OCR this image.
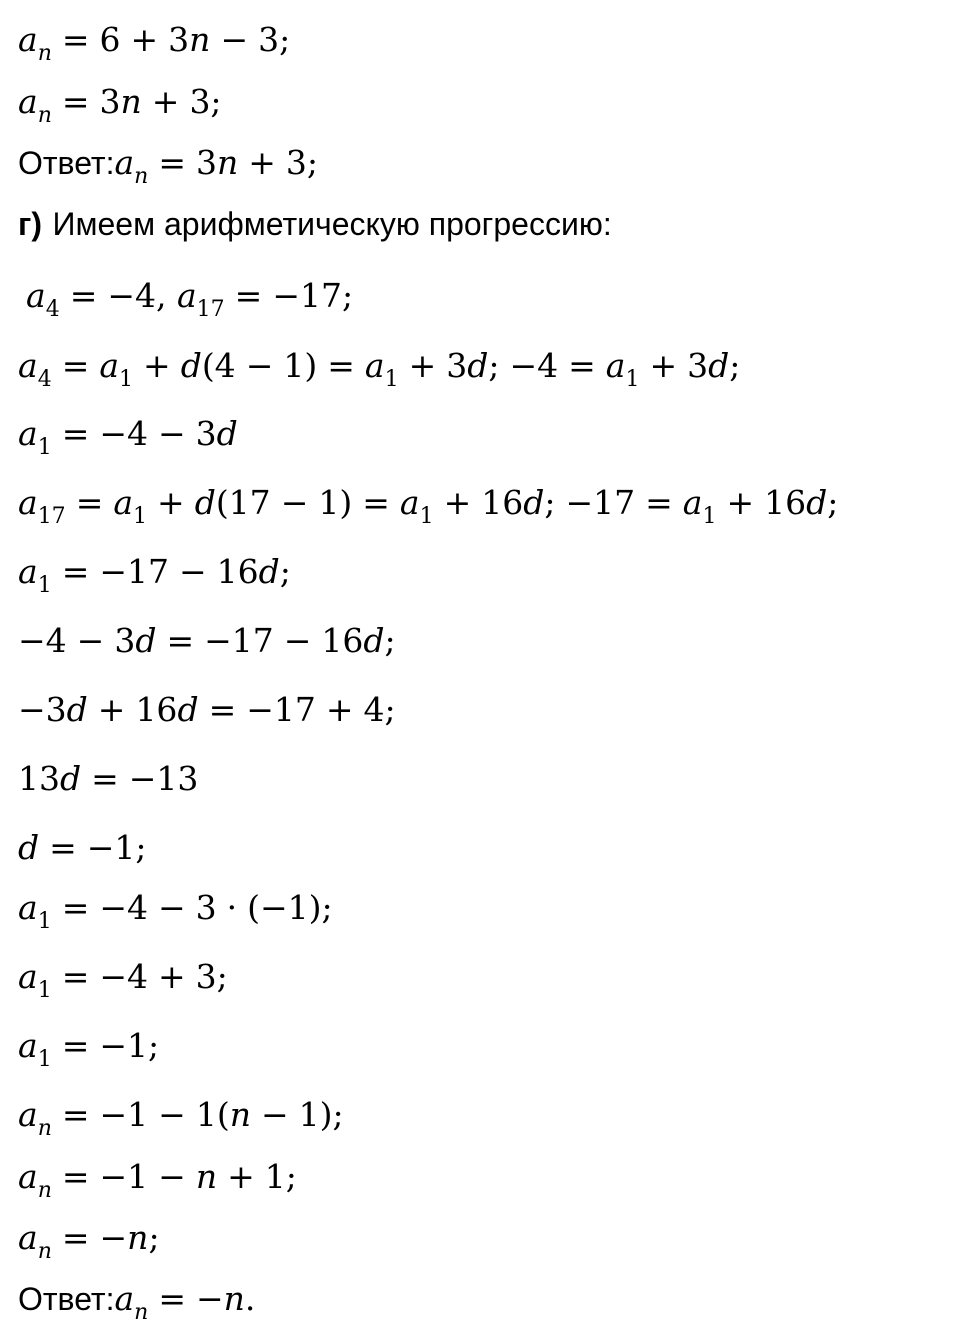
$a_n = 6 + 3n - 3$;
$a_n = 3n + 3$;
$Ответ:a_n = 3n + 3$;
г) Имеем арифметическую прогрессию:
$a_4 = -4$, $a_{17} = -17$;
$a_4 = a_1 + d(4 - 1) = a_1 + 3d$; $-4 = a_1 + 3d$;
$a_1 = -4 - 3d$
$a_{17} = a_1 + d(17 - 1) = a_1 + 16d$; $-17 = a_1 + 16d$;
$a_1 = -17 - 16d$;
−4 − 3d = −17 − 16d;
−3d + 16d = −17 + 4;
13d = −13
d = −1;
$a_1 = -4 - 3 \cdot (-1)$;
$a_1 = -4 + 3$;
$a_1 = -1$;
$a_n = -1 - 1(n - 1)$;
$a_n = -1 - n + 1$;
$a_n = -n$;
$Ответ:a_n = -n$.
